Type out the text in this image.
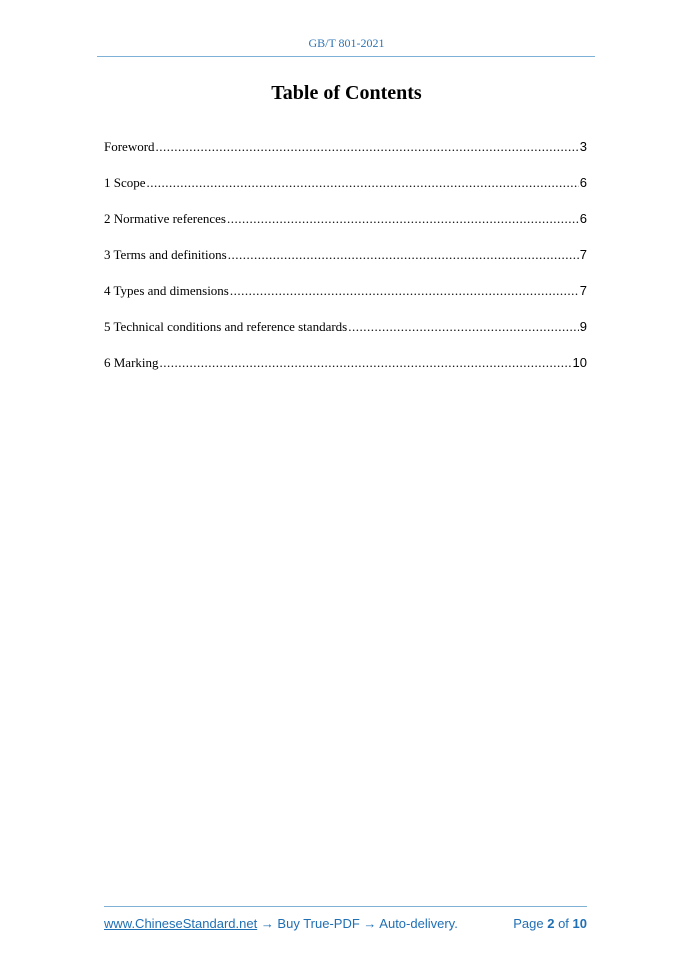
GB/T 801-2021
Table of Contents
Foreword .....	3
1 Scope .....	6
2 Normative references .....	6
3 Terms and definitions .....	7
4 Types and dimensions .....	7
5 Technical conditions and reference standards .....	9
6 Marking .....	10
www.ChineseStandard.net → Buy True-PDF → Auto-delivery.	Page 2 of 10
